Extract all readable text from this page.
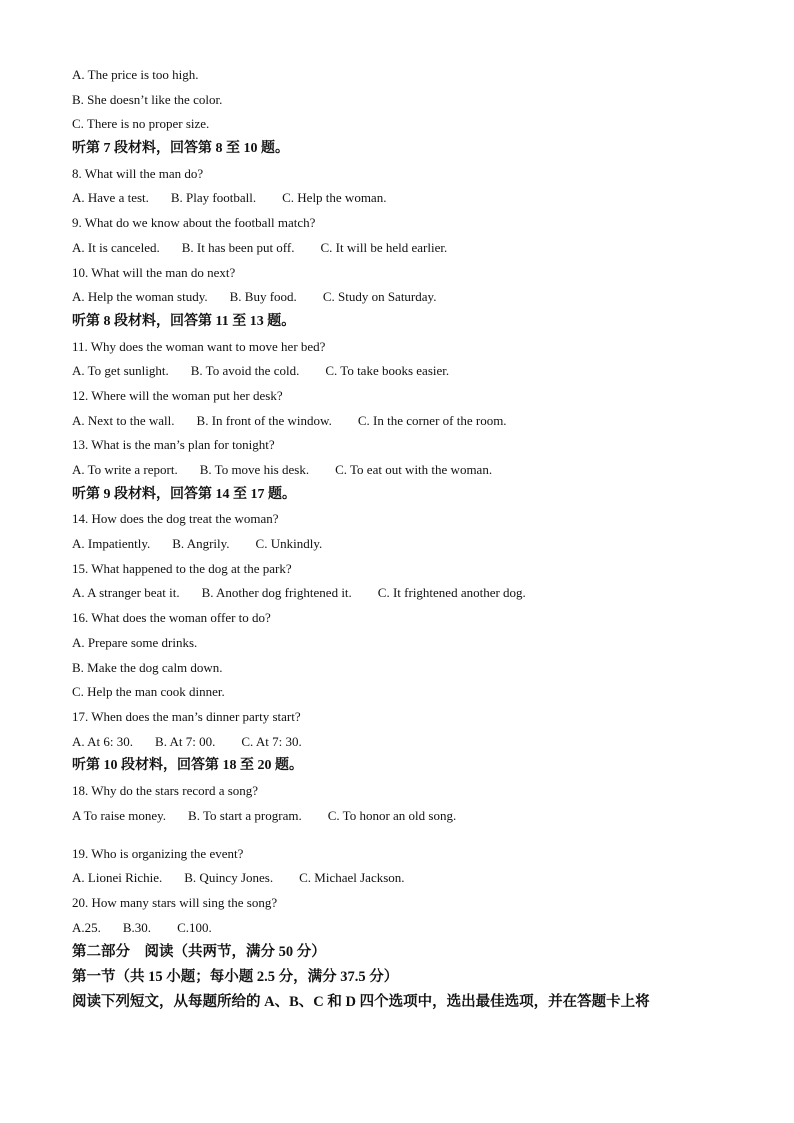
A. The price is too high.
B. She doesn’t like the color.
C. There is no proper size.
听第 7 段材料，回答第 8 至 10 题。
8. What will the man do?
A. Have a test. B. Play football. C. Help the woman.
9. What do we know about the football match?
A. It is canceled. B. It has been put off. C. It will be held earlier.
10. What will the man do next?
A. Help the woman study. B. Buy food. C. Study on Saturday.
听第 8 段材料，回答第 11 至 13 题。
11. Why does the woman want to move her bed?
A. To get sunlight. B. To avoid the cold. C. To take books easier.
12. Where will the woman put her desk?
A. Next to the wall. B. In front of the window. C. In the corner of the room.
13. What is the man’s plan for tonight?
A. To write a report. B. To move his desk. C. To eat out with the woman.
听第 9 段材料，回答第 14 至 17 题。
14. How does the dog treat the woman?
A. Impatiently. B. Angrily. C. Unkindly.
15. What happened to the dog at the park?
A. A stranger beat it. B. Another dog frightened it. C. It frightened another dog.
16. What does the woman offer to do?
A. Prepare some drinks.
B. Make the dog calm down.
C. Help the man cook dinner.
17. When does the man’s dinner party start?
A. At 6: 30. B. At 7: 00. C. At 7: 30.
听第 10 段材料，回答第 18 至 20 题。
18. Why do the stars record a song?
A To raise money. B. To start a program. C. To honor an old song.
19. Who is organizing the event?
A. Lionei Richie. B. Quincy Jones. C. Michael Jackson.
20. How many stars will sing the song?
A.25. B.30. C.100.
第二部分　阅读（共两节，满分 50 分）
第一节（共 15 小题；每小题 2.5 分，满分 37.5 分）
阅读下列短文，从每题所给的 A、B、C 和 D 四个选项中，选出最佳选项，并在答题卡上将
